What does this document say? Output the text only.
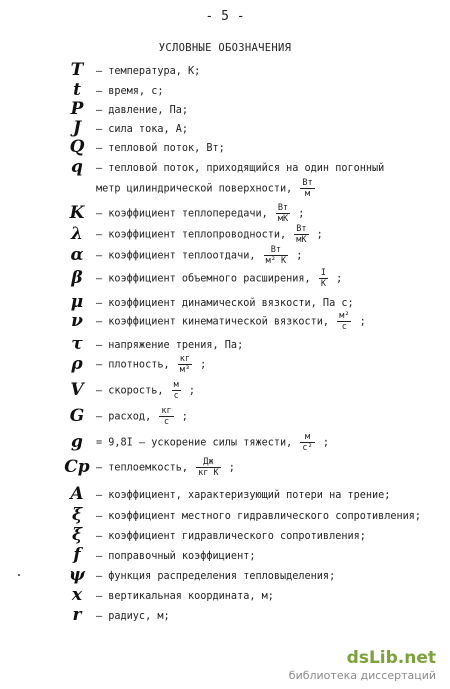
- 5 -
УСЛОВНЫЕ ОБОЗНАЧЕНИЯ
T	– температура, К;
t	– время, с;
P	– давление, Па;
J	– сила тока, А;
Q	– тепловой поток, Вт;
q	– тепловой поток, приходящийся на один погонный
метр цилиндрической поверхности, $\frac{Вт}{м}$
K	– коэффициент теплопередачи, $\frac{Вт}{мК}$ ;
λ	– коэффициент теплопроводности, $\frac{Вт}{мК}$ ;
α	– коэффициент теплоотдачи, $\frac{Вт}{\text{м² К}}$ ;
β	– коэффициент объемного расширения, $\frac{I}{К}$ ;
μ	– коэффициент динамической вязкости, Па с;
ν	– коэффициент кинематической вязкости, $\frac{\text{м²}}{с}$ ;
τ	– напряжение трения, Па;
ρ	– плотность, $\frac{кг}{\text{м³}}$ ;
V	– скорость, $\frac{м}{с}$ ;
G	– расход, $\frac{кг}{с}$ ;
g	= 9,8I – ускорение силы тяжести, $\frac{м}{\text{с²}}$ ;
Cp – теплоемкость, $\frac{Дж}{\text{кг К}}$ ;
A	– коэффициент, характеризующий потери на трение;
ξ	– коэффициент местного гидравлического сопротивления;
ξ	– коэффициент гидравлического сопротивления;
f	– поправочный коэффициент;
ψ	– функция распределения тепловыделения;
x	– вертикальная координата, м;
r	– радиус, м;
dsLib.net
библиотека диссертаций
